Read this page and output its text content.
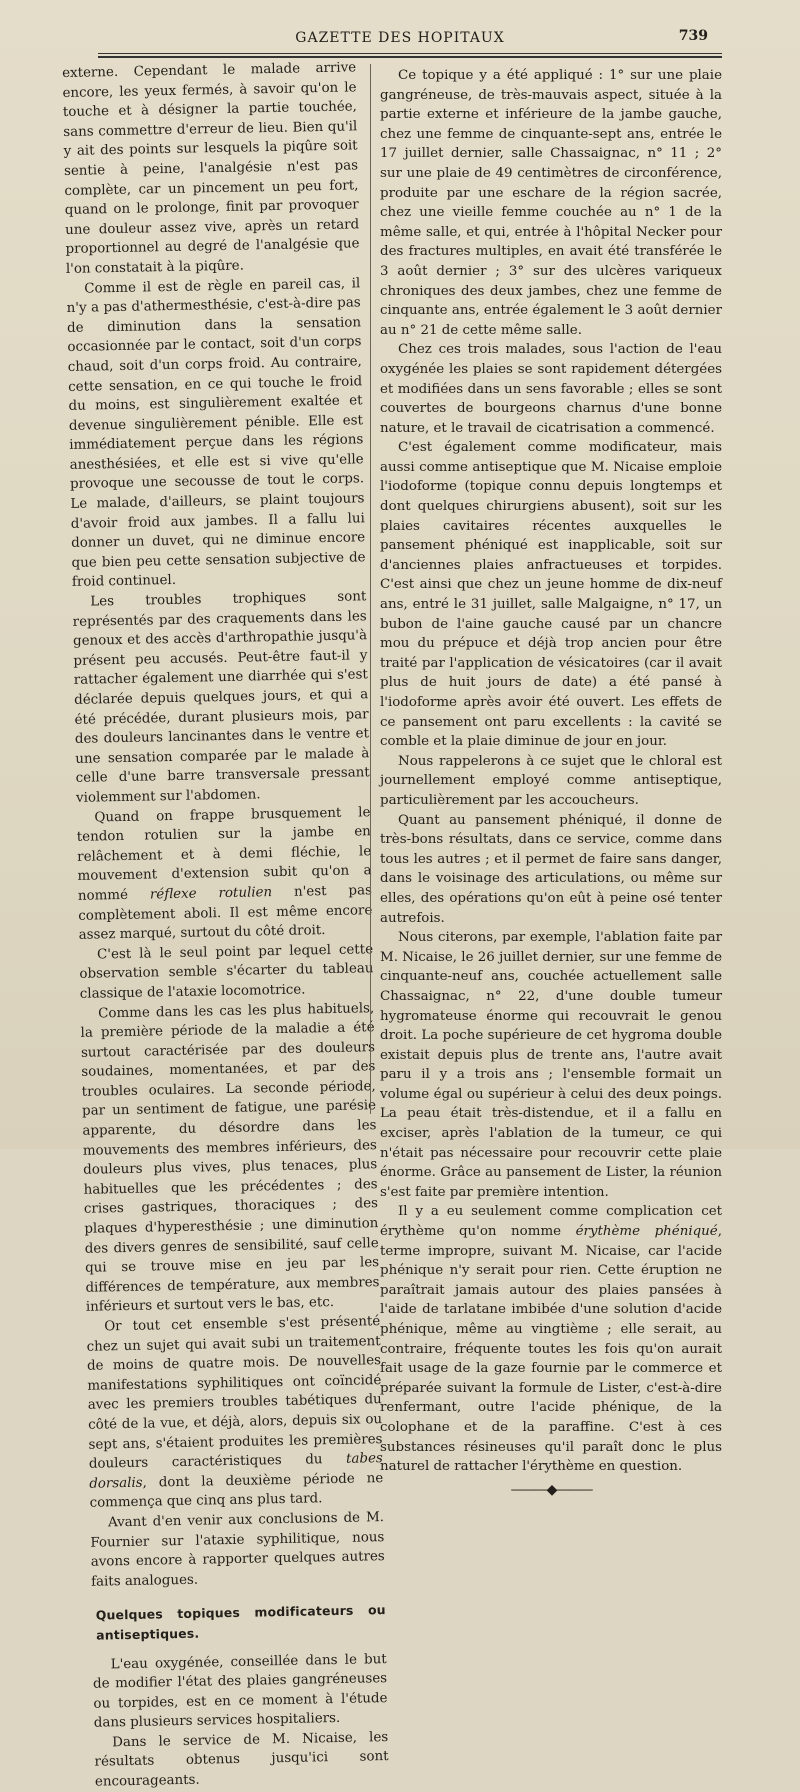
GAZETTE DES HOPITAUX	739

externe. Cependant le malade arrive encore, les yeux fermés, à savoir qu'on le touche et à désigner la partie touchée, sans commettre d'erreur de lieu. Bien qu'il y ait des points sur lesquels la piqûre soit sentie à peine, l'analgésie n'est pas complète, car un pincement un peu fort, quand on le prolonge, finit par provoquer une douleur assez vive, après un retard proportionnel au degré de l'analgésie que l'on constatait à la piqûre.

Comme il est de règle en pareil cas, il n'y a pas d'athermesthésie, c'est-à-dire pas de diminution dans la sensation occasionnée par le contact, soit d'un corps chaud, soit d'un corps froid. Au contraire, cette sensation, en ce qui touche le froid du moins, est singulièrement exaltée et devenue singulièrement pénible. Elle est immédiatement perçue dans les régions anesthésiées, et elle est si vive qu'elle provoque une secousse de tout le corps. Le malade, d'ailleurs, se plaint toujours d'avoir froid aux jambes. Il a fallu lui donner un duvet, qui ne diminue encore que bien peu cette sensation subjective de froid continuel.

Les troubles trophiques sont représentés par des craquements dans les genoux et des accès d'arthropathie jusqu'à présent peu accusés. Peut-être faut-il y rattacher également une diarrhée qui s'est déclarée depuis quelques jours, et qui a été précédée, durant plusieurs mois, par des douleurs lancinantes dans le ventre et une sensation comparée par le malade à celle d'une barre transversale pressant violemment sur l'abdomen.

Quand on frappe brusquement le tendon rotulien sur la jambe en relâchement et à demi fléchie, le mouvement d'extension subit qu'on a nommé réflexe rotulien n'est pas complètement aboli. Il est même encore assez marqué, surtout du côté droit.

C'est là le seul point par lequel cette observation semble s'écarter du tableau classique de l'ataxie locomotrice.

Comme dans les cas les plus habituels, la première période de la maladie a été surtout caractérisée par des douleurs soudaines, momentanées, et par des troubles oculaires. La seconde période, par un sentiment de fatigue, une parésie apparente, du désordre dans les mouvements des membres inférieurs, des douleurs plus vives, plus tenaces, plus habituelles que les précédentes ; des crises gastriques, thoraciques ; des plaques d'hyperesthésie ; une diminution des divers genres de sensibilité, sauf celle qui se trouve mise en jeu par les différences de température, aux membres inférieurs et surtout vers le bas, etc.

Or tout cet ensemble s'est présenté chez un sujet qui avait subi un traitement de moins de quatre mois. De nouvelles manifestations syphilitiques ont coïncidé avec les premiers troubles tabétiques du côté de la vue, et déjà, alors, depuis six ou sept ans, s'étaient produites les premières douleurs caractéristiques du tabes dorsalis, dont la deuxième période ne commença que cinq ans plus tard.

Avant d'en venir aux conclusions de M. Fournier sur l'ataxie syphilitique, nous avons encore à rapporter quelques autres faits analogues.

Quelques topiques modificateurs ou antiseptiques.

L'eau oxygénée, conseillée dans le but de modifier l'état des plaies gangréneuses ou torpides, est en ce moment à l'étude dans plusieurs services hospitaliers.

Dans le service de M. Nicaise, les résultats obtenus jusqu'ici sont encourageants.

Ce topique y a été appliqué : 1° sur une plaie gangréneuse, de très-mauvais aspect, située à la partie externe et inférieure de la jambe gauche, chez une femme de cinquante-sept ans, entrée le 17 juillet dernier, salle Chassaignac, n° 11 ; 2° sur une plaie de 49 centimètres de circonférence, produite par une eschare de la région sacrée, chez une vieille femme couchée au n° 1 de la même salle, et qui, entrée à l'hôpital Necker pour des fractures multiples, en avait été transférée le 3 août dernier ; 3° sur des ulcères variqueux chroniques des deux jambes, chez une femme de cinquante ans, entrée également le 3 août dernier au n° 21 de cette même salle.

Chez ces trois malades, sous l'action de l'eau oxygénée les plaies se sont rapidement détergées et modifiées dans un sens favorable ; elles se sont couvertes de bourgeons charnus d'une bonne nature, et le travail de cicatrisation a commencé.

C'est également comme modificateur, mais aussi comme antiseptique que M. Nicaise emploie l'iodoforme (topique connu depuis longtemps et dont quelques chirurgiens abusent), soit sur les plaies cavitaires récentes auxquelles le pansement phéniqué est inapplicable, soit sur d'anciennes plaies anfractueuses et torpides. C'est ainsi que chez un jeune homme de dix-neuf ans, entré le 31 juillet, salle Malgaigne, n° 17, un bubon de l'aine gauche causé par un chancre mou du prépuce et déjà trop ancien pour être traité par l'application de vésicatoires (car il avait plus de huit jours de date) a été pansé à l'iodoforme après avoir été ouvert. Les effets de ce pansement ont paru excellents : la cavité se comble et la plaie diminue de jour en jour.

Nous rappelerons à ce sujet que le chloral est journellement employé comme antiseptique, particulièrement par les accoucheurs.

Quant au pansement phéniqué, il donne de très-bons résultats, dans ce service, comme dans tous les autres ; et il permet de faire sans danger, dans le voisinage des articulations, ou même sur elles, des opérations qu'on eût à peine osé tenter autrefois.

Nous citerons, par exemple, l'ablation faite par M. Nicaise, le 26 juillet dernier, sur une femme de cinquante-neuf ans, couchée actuellement salle Chassaignac, n° 22, d'une double tumeur hygromateuse énorme qui recouvrait le genou droit. La poche supérieure de cet hygroma double existait depuis plus de trente ans, l'autre avait paru il y a trois ans ; l'ensemble formait un volume égal ou supérieur à celui des deux poings. La peau était très-distendue, et il a fallu en exciser, après l'ablation de la tumeur, ce qui n'était pas nécessaire pour recouvrir cette plaie énorme. Grâce au pansement de Lister, la réunion s'est faite par première intention.

Il y a eu seulement comme complication cet érythème qu'on nomme érythème phéniqué, terme impropre, suivant M. Nicaise, car l'acide phénique n'y serait pour rien. Cette éruption ne paraîtrait jamais autour des plaies pansées à l'aide de tarlatane imbibée d'une solution d'acide phénique, même au vingtième ; elle serait, au contraire, fréquente toutes les fois qu'on aurait fait usage de la gaze fournie par le commerce et préparée suivant la formule de Lister, c'est-à-dire renfermant, outre l'acide phénique, de la colophane et de la paraffine. C'est à ces substances résineuses qu'il paraît donc le plus naturel de rattacher l'érythème en question.

———◆———
